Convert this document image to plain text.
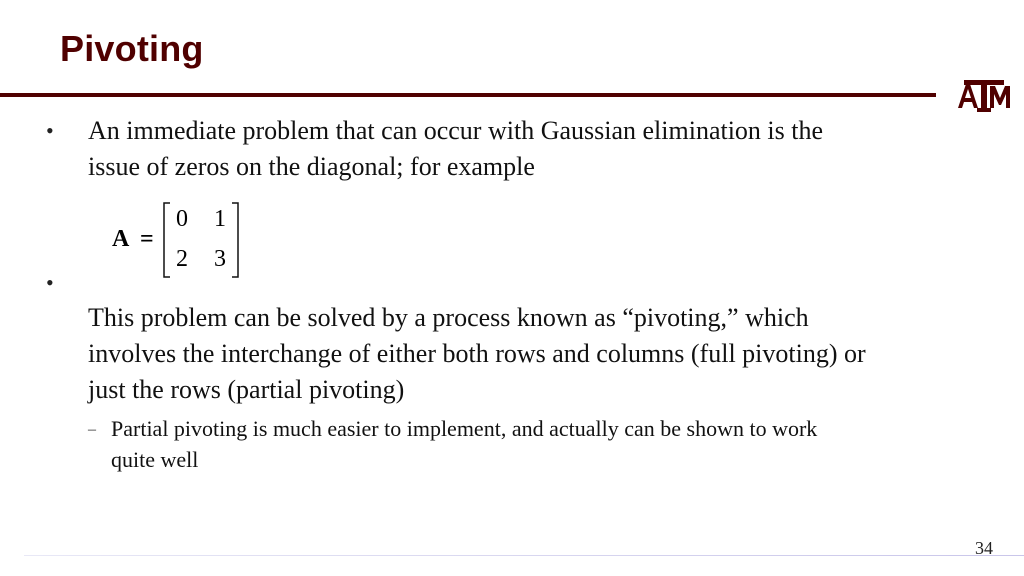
Pivoting
• An immediate problem that can occur with Gaussian elimination is the
issue of zeros on the diagonal; for example
A =
0 1
2 3
•
This problem can be solved by a process known as “pivoting,” which
involves the interchange of either both rows and columns (full pivoting) or
just the rows (partial pivoting)
– Partial pivoting is much easier to implement, and actually can be shown to work
quite well
34
